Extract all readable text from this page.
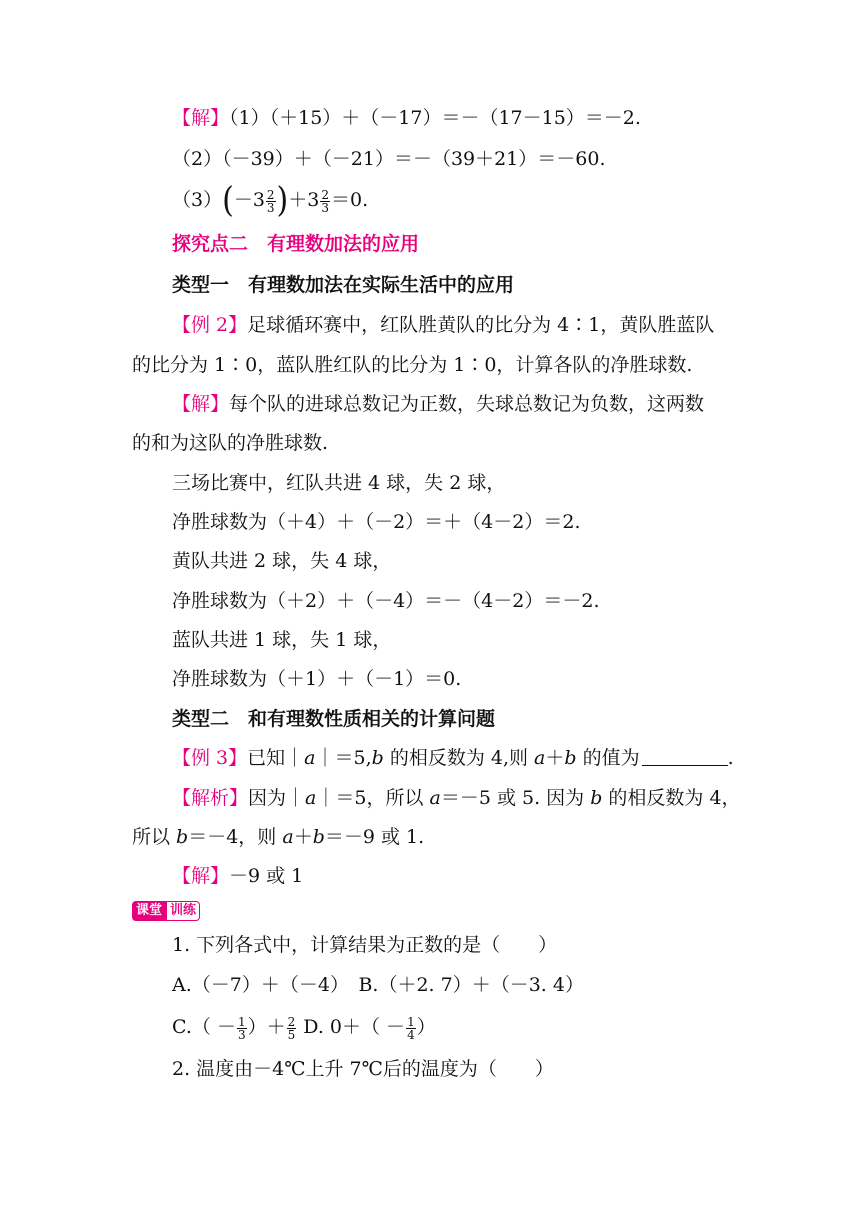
【解】（1）（＋15）＋（－17）＝－（17－15）＝－2.
（2）（－39）＋（－21）＝－（39＋21）＝－60.
$(3)(-3 \frac{2}{3} )+3 \frac{2}{3} =0$.
探究点二　有理数加法的应用
类型一　有理数加法在实际生活中的应用
【例 2】足球循环赛中，红队胜黄队的比分为 4∶1，黄队胜蓝队
的比分为 1∶0，蓝队胜红队的比分为 1∶0，计算各队的净胜球数.
【解】每个队的进球总数记为正数，失球总数记为负数，这两数
的和为这队的净胜球数.
三场比赛中，红队共进 4 球，失 2 球，
净胜球数为（＋4）＋（－2）＝＋（4－2）＝2.
黄队共进 2 球，失 4 球，
净胜球数为（＋2）＋（－4）＝－（4－2）＝－2.
蓝队共进 1 球，失 1 球，
净胜球数为（＋1）＋（－1）＝0.
类型二　和有理数性质相关的计算问题
【例 3】已知｜a｜＝5,b 的相反数为 4,则 a＋b 的值为	.
【解析】因为｜a｜＝5，所以 a＝－5 或 5. 因为 b 的相反数为 4，
所以 b＝－4，则 a＋b＝－9 或 1.
【解】－9 或 1
课堂 训练
1. 下列各式中，计算结果为正数的是（　　）
A.（－7）＋（－4）　B.（＋2. 7）＋（－3. 4）
$C.( - \frac{1}{3}$ ）＋ $\frac{2}{5} D$. $0+( - \frac{1}{4}$ ）
2. 温度由－4℃上升 7℃后的温度为（　　）
